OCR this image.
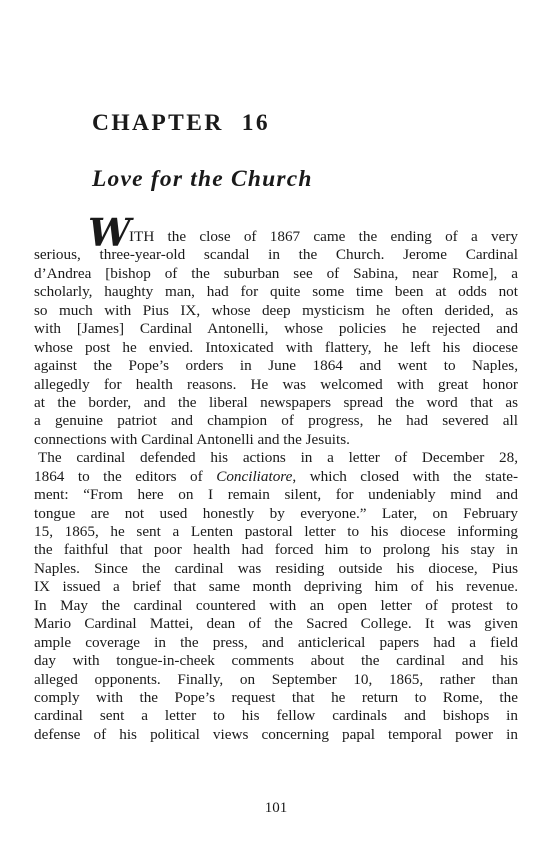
CHAPTER 16
Love for the Church
W ITH the close of 1867 came the ending of a very
serious, three-year-old scandal in the Church. Jerome Cardinal
d’Andrea [bishop of the suburban see of Sabina, near Rome], a
scholarly, haughty man, had for quite some time been at odds not
so much with Pius IX, whose deep mysticism he often derided, as
with [James] Cardinal Antonelli, whose policies he rejected and
whose post he envied. Intoxicated with flattery, he left his diocese
against the Pope’s orders in June 1864 and went to Naples,
allegedly for health reasons. He was welcomed with great honor
at the border, and the liberal newspapers spread the word that as
a genuine patriot and champion of progress, he had severed all
connections with Cardinal Antonelli and the Jesuits.
The cardinal defended his actions in a letter of December 28,
1864 to the editors of Conciliatore, which closed with the state-
ment: “From here on I remain silent, for undeniably mind and
tongue are not used honestly by everyone.” Later, on February
15, 1865, he sent a Lenten pastoral letter to his diocese informing
the faithful that poor health had forced him to prolong his stay in
Naples. Since the cardinal was residing outside his diocese, Pius
IX issued a brief that same month depriving him of his revenue.
In May the cardinal countered with an open letter of protest to
Mario Cardinal Mattei, dean of the Sacred College. It was given
ample coverage in the press, and anticlerical papers had a field
day with tongue-in-cheek comments about the cardinal and his
alleged opponents. Finally, on September 10, 1865, rather than
comply with the Pope’s request that he return to Rome, the
cardinal sent a letter to his fellow cardinals and bishops in
defense of his political views concerning papal temporal power in
101
